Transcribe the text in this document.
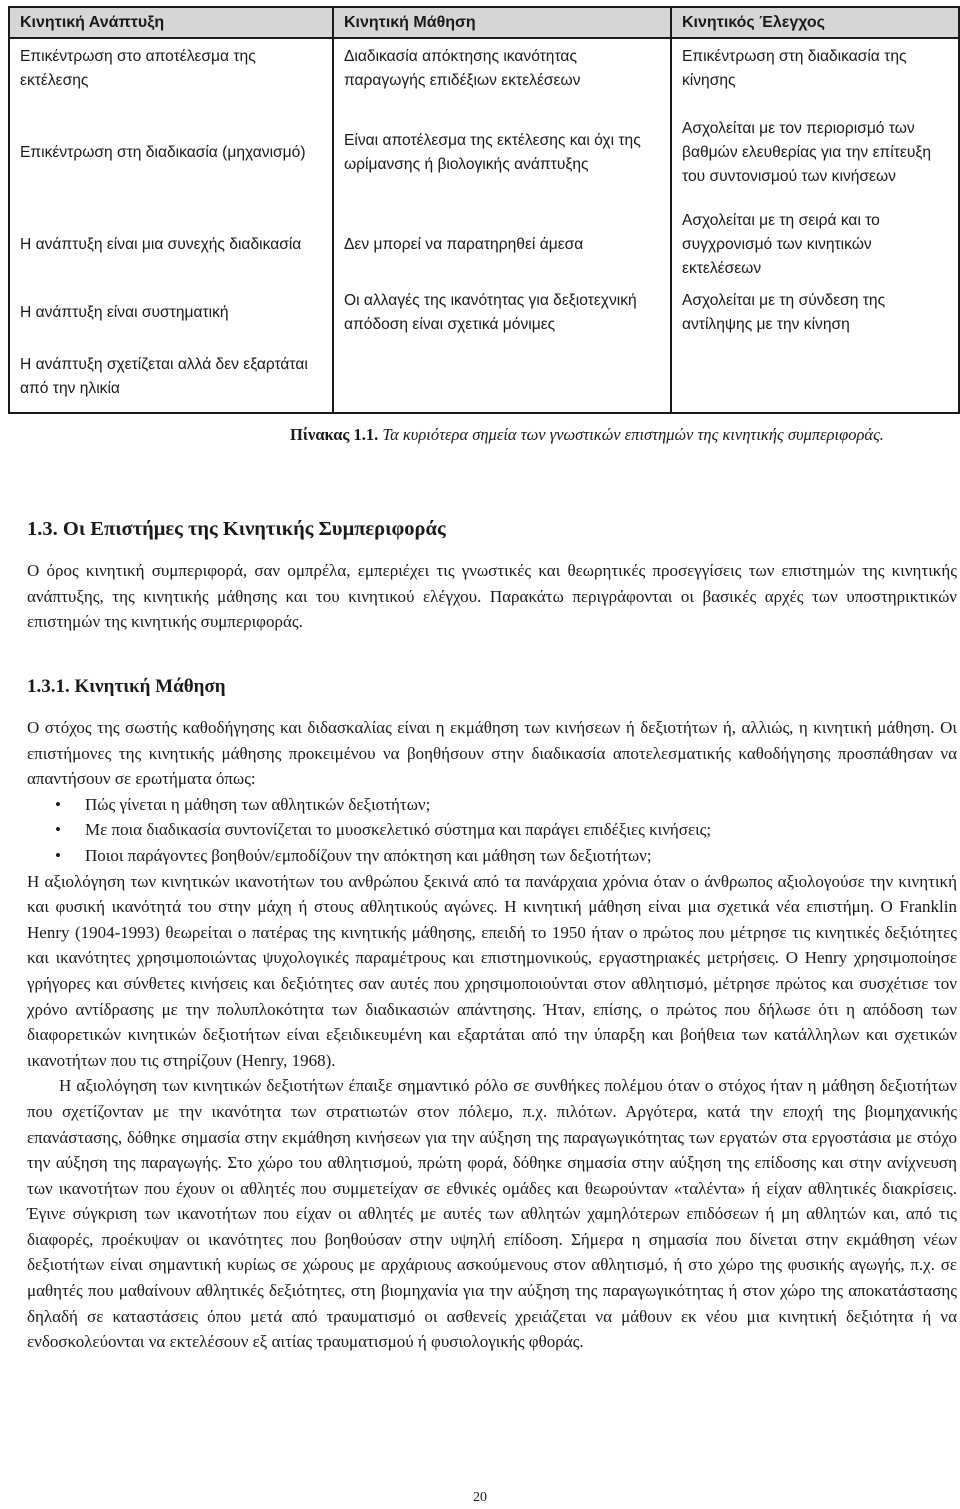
Κινητική Ανάπτυξη	Κινητική Μάθηση	Κινητικός Έλεγχος
Επικέντρωση στο αποτέλεσμα της εκτέλεσης	Διαδικασία απόκτησης ικανότητας παραγωγής επιδέξιων εκτελέσεων	Επικέντρωση στη διαδικασία της κίνησης
Επικέντρωση στη διαδικασία (μηχανισμό)	Είναι αποτέλεσμα της εκτέλεσης και όχι της ωρίμανσης ή βιολογικής ανάπτυξης	Ασχολείται με τον περιορισμό των βαθμών ελευθερίας για την επίτευξη του συντονισμού των κινήσεων
Η ανάπτυξη είναι μια συνεχής διαδικασία	Δεν μπορεί να παρατηρηθεί άμεσα	Ασχολείται με τη σειρά και το συγχρονισμό των κινητικών εκτελέσεων
Η ανάπτυξη είναι συστηματική	Οι αλλαγές της ικανότητας για δεξιοτεχνική απόδοση είναι σχετικά μόνιμες	Ασχολείται με τη σύνδεση της αντίληψης με την κίνηση
Η ανάπτυξη σχετίζεται αλλά δεν εξαρτάται από την ηλικία		
Πίνακας 1.1. Τα κυριότερα σημεία των γνωστικών επιστημών της κινητικής συμπεριφοράς.
1.3. Οι Επιστήμες της Κινητικής Συμπεριφοράς

Ο όρος κινητική συμπεριφορά, σαν ομπρέλα, εμπεριέχει τις γνωστικές και θεωρητικές προσεγγίσεις των επιστημών της κινητικής ανάπτυξης, της κινητικής μάθησης και του κινητικού ελέγχου. Παρακάτω περιγράφονται οι βασικές αρχές των υποστηρικτικών επιστημών της κινητικής συμπεριφοράς.

1.3.1. Κινητική Μάθηση

Ο στόχος της σωστής καθοδήγησης και διδασκαλίας είναι η εκμάθηση των κινήσεων ή δεξιοτήτων ή, αλλιώς, η κινητική μάθηση. Οι επιστήμονες της κινητικής μάθησης προκειμένου να βοηθήσουν στην διαδικασία αποτελεσματικής καθοδήγησης προσπάθησαν να απαντήσουν σε ερωτήματα όπως:

• Πώς γίνεται η μάθηση των αθλητικών δεξιοτήτων;
• Με ποια διαδικασία συντονίζεται το μυοσκελετικό σύστημα και παράγει επιδέξιες κινήσεις;
• Ποιοι παράγοντες βοηθούν/εμποδίζουν την απόκτηση και μάθηση των δεξιοτήτων;

Η αξιολόγηση των κινητικών ικανοτήτων του ανθρώπου ξεκινά από τα πανάρχαια χρόνια όταν ο άνθρωπος αξιολογούσε την κινητική και φυσική ικανότητά του στην μάχη ή στους αθλητικούς αγώνες. Η κινητική μάθηση είναι μια σχετικά νέα επιστήμη. Ο Franklin Henry (1904-1993) θεωρείται ο πατέρας της κινητικής μάθησης, επειδή το 1950 ήταν ο πρώτος που μέτρησε τις κινητικές δεξιότητες και ικανότητες χρησιμοποιώντας ψυχολογικές παραμέτρους και επιστημονικούς, εργαστηριακές μετρήσεις. Ο Henry χρησιμοποίησε γρήγορες και σύνθετες κινήσεις και δεξιότητες σαν αυτές που χρησιμοποιούνται στον αθλητισμό, μέτρησε πρώτος και συσχέτισε τον χρόνο αντίδρασης με την πολυπλοκότητα των διαδικασιών απάντησης. Ήταν, επίσης, ο πρώτος που δήλωσε ότι η απόδοση των διαφορετικών κινητικών δεξιοτήτων είναι εξειδικευμένη και εξαρτάται από την ύπαρξη και βοήθεια των κατάλληλων και σχετικών ικανοτήτων που τις στηρίζουν (Henry, 1968).

Η αξιολόγηση των κινητικών δεξιοτήτων έπαιξε σημαντικό ρόλο σε συνθήκες πολέμου όταν ο στόχος ήταν η μάθηση δεξιοτήτων που σχετίζονταν με την ικανότητα των στρατιωτών στον πόλεμο, π.χ. πιλότων. Αργότερα, κατά την εποχή της βιομηχανικής επανάστασης, δόθηκε σημασία στην εκμάθηση κινήσεων για την αύξηση της παραγωγικότητας των εργατών στα εργοστάσια με στόχο την αύξηση της παραγωγής. Στο χώρο του αθλητισμού, πρώτη φορά, δόθηκε σημασία στην αύξηση της επίδοσης και στην ανίχνευση των ικανοτήτων που έχουν οι αθλητές που συμμετείχαν σε εθνικές ομάδες και θεωρούνταν «ταλέντα» ή είχαν αθλητικές διακρίσεις. Έγινε σύγκριση των ικανοτήτων που είχαν οι αθλητές με αυτές των αθλητών χαμηλότερων επιδόσεων ή μη αθλητών και, από τις διαφορές, προέκυψαν οι ικανότητες που βοηθούσαν στην υψηλή επίδοση. Σήμερα η σημασία που δίνεται στην εκμάθηση νέων δεξιοτήτων είναι σημαντική κυρίως σε χώρους με αρχάριους ασκούμενους στον αθλητισμό, ή στο χώρο της φυσικής αγωγής, π.χ. σε μαθητές που μαθαίνουν αθλητικές δεξιότητες, στη βιομηχανία για την αύξηση της παραγωγικότητας ή στον χώρο της αποκατάστασης δηλαδή σε καταστάσεις όπου μετά από τραυματισμό οι ασθενείς χρειάζεται να μάθουν εκ νέου μια κινητική δεξιότητα ή να ενδοσκολεύονται να εκτελέσουν εξ αιτίας τραυματισμού ή φυσιολογικής φθοράς.

20
